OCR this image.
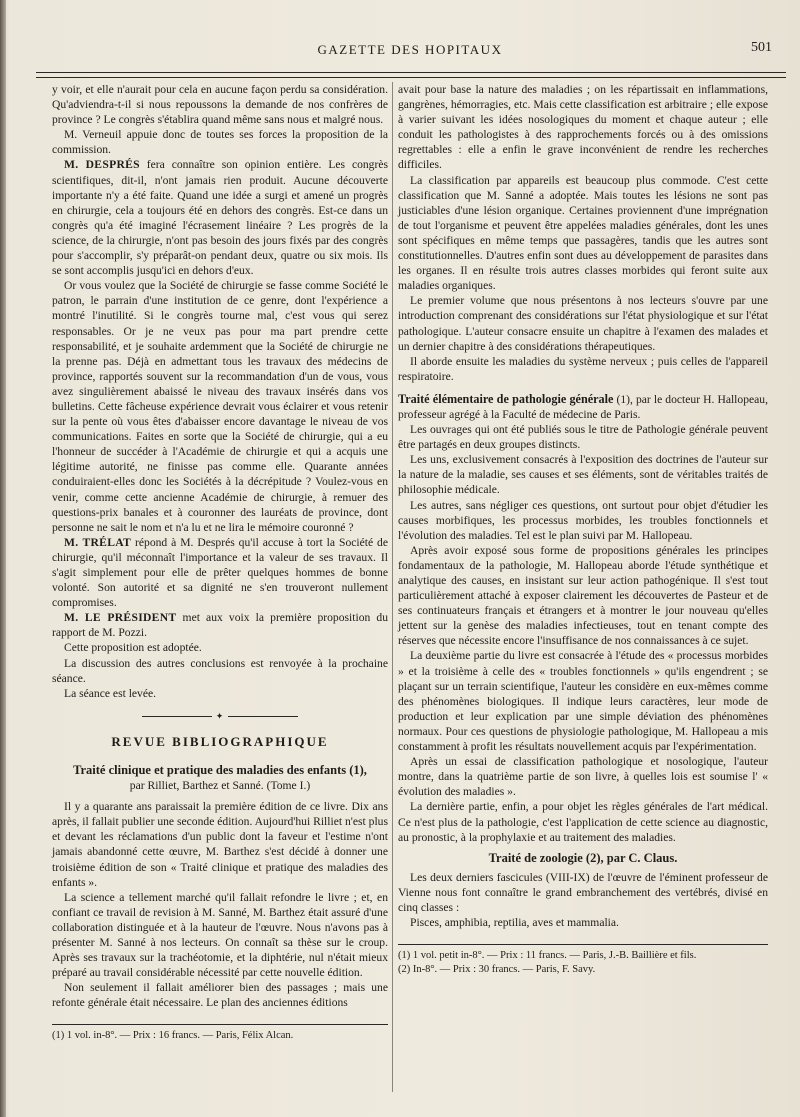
GAZETTE DES HOPITAUX	501

y voir, et elle n'aurait pour cela en aucune façon perdu sa considération. Qu'adviendra-t-il si nous repoussons la demande de nos confrères de province ? Le congrès s'établira quand même sans nous et malgré nous.

M. Verneuil appuie donc de toutes ses forces la proposition de la commission.

M. DESPRÉS fera connaître son opinion entière. Les congrès scientifiques, dit-il, n'ont jamais rien produit. Aucune découverte importante n'y a été faite. Quand une idée a surgi et amené un progrès en chirurgie, cela a toujours été en dehors des congrès. Est-ce dans un congrès qu'a été imaginé l'écrasement linéaire ? Les progrès de la science, de la chirurgie, n'ont pas besoin des jours fixés par des congrès pour s'accomplir, s'y préparât-on pendant deux, quatre ou six mois. Ils se sont accomplis jusqu'ici en dehors d'eux.

Or vous voulez que la Société de chirurgie se fasse comme Société le patron, le parrain d'une institution de ce genre, dont l'expérience a montré l'inutilité. Si le congrès tourne mal, c'est vous qui serez responsables. Or je ne veux pas pour ma part prendre cette responsabilité, et je souhaite ardemment que la Société de chirurgie ne la prenne pas. Déjà en admettant tous les travaux des médecins de province, rapportés souvent sur la recommandation d'un de vous, vous avez singulièrement abaissé le niveau des travaux insérés dans vos bulletins. Cette fâcheuse expérience devrait vous éclairer et vous retenir sur la pente où vous êtes d'abaisser encore davantage le niveau de vos communications. Faites en sorte que la Société de chirurgie, qui a eu l'honneur de succéder à l'Académie de chirurgie et qui a acquis une légitime autorité, ne finisse pas comme elle. Quarante années conduiraient-elles donc les Sociétés à la décrépitude ? Voulez-vous en venir, comme cette ancienne Académie de chirurgie, à remuer des questions-prix banales et à couronner des lauréats de province, dont personne ne sait le nom et n'a lu et ne lira le mémoire couronné ?

M. TRÉLAT répond à M. Després qu'il accuse à tort la Société de chirurgie, qu'il méconnaît l'importance et la valeur de ses travaux. Il s'agit simplement pour elle de prêter quelques hommes de bonne volonté. Son autorité et sa dignité ne s'en trouveront nullement compromises.

M. LE PRÉSIDENT met aux voix la première proposition du rapport de M. Pozzi.

Cette proposition est adoptée.

La discussion des autres conclusions est renvoyée à la prochaine séance.

La séance est levée.

✦
REVUE BIBLIOGRAPHIQUE
Traité clinique et pratique des maladies des enfants (1),
par Rilliet, Barthez et Sanné. (Tome I.)

Il y a quarante ans paraissait la première édition de ce livre. Dix ans après, il fallait publier une seconde édition. Aujourd'hui Rilliet n'est plus et devant les réclamations d'un public dont la faveur et l'estime n'ont jamais abandonné cette œuvre, M. Barthez s'est décidé à donner une troisième édition de son « Traité clinique et pratique des maladies des enfants ».

La science a tellement marché qu'il fallait refondre le livre ; et, en confiant ce travail de revision à M. Sanné, M. Barthez était assuré d'une collaboration distinguée et à la hauteur de l'œuvre. Nous n'avons pas à présenter M. Sanné à nos lecteurs. On connaît sa thèse sur le croup. Après ses travaux sur la trachéotomie, et la diphtérie, nul n'était mieux préparé au travail considérable nécessité par cette nouvelle édition.

Non seulement il fallait améliorer bien des passages ; mais une refonte générale était nécessaire. Le plan des anciennes éditions

(1) 1 vol. in-8°. — Prix : 16 francs. — Paris, Félix Alcan.

avait pour base la nature des maladies ; on les répartissait en inflammations, gangrènes, hémorragies, etc. Mais cette classification est arbitraire ; elle expose à varier suivant les idées nosologiques du moment et chaque auteur ; elle conduit les pathologistes à des rapprochements forcés ou à des omissions regrettables : elle a enfin le grave inconvénient de rendre les recherches difficiles.

La classification par appareils est beaucoup plus commode. C'est cette classification que M. Sanné a adoptée. Mais toutes les lésions ne sont pas justiciables d'une lésion organique. Certaines proviennent d'une imprégnation de tout l'organisme et peuvent être appelées maladies générales, dont les unes sont spécifiques en même temps que passagères, tandis que les autres sont constitutionnelles. D'autres enfin sont dues au développement de parasites dans les organes. Il en résulte trois autres classes morbides qui feront suite aux maladies organiques.

Le premier volume que nous présentons à nos lecteurs s'ouvre par une introduction comprenant des considérations sur l'état physiologique et sur l'état pathologique. L'auteur consacre ensuite un chapitre à l'examen des malades et un dernier chapitre à des considérations thérapeutiques.

Il aborde ensuite les maladies du système nerveux ; puis celles de l'appareil respiratoire.

Traité élémentaire de pathologie générale (1), par le docteur H. Hallopeau, professeur agrégé à la Faculté de médecine de Paris.

Les ouvrages qui ont été publiés sous le titre de Pathologie générale peuvent être partagés en deux groupes distincts.

Les uns, exclusivement consacrés à l'exposition des doctrines de l'auteur sur la nature de la maladie, ses causes et ses éléments, sont de véritables traités de philosophie médicale.

Les autres, sans négliger ces questions, ont surtout pour objet d'étudier les causes morbifiques, les processus morbides, les troubles fonctionnels et l'évolution des maladies. Tel est le plan suivi par M. Hallopeau.

Après avoir exposé sous forme de propositions générales les principes fondamentaux de la pathologie, M. Hallopeau aborde l'étude synthétique et analytique des causes, en insistant sur leur action pathogénique. Il s'est tout particulièrement attaché à exposer clairement les découvertes de Pasteur et de ses continuateurs français et étrangers et à montrer le jour nouveau qu'elles jettent sur la genèse des maladies infectieuses, tout en tenant compte des réserves que nécessite encore l'insuffisance de nos connaissances à ce sujet.

La deuxième partie du livre est consacrée à l'étude des « processus morbides » et la troisième à celle des « troubles fonctionnels » qu'ils engendrent ; se plaçant sur un terrain scientifique, l'auteur les considère en eux-mêmes comme des phénomènes biologiques. Il indique leurs caractères, leur mode de production et leur explication par une simple déviation des phénomènes normaux. Pour ces questions de physiologie pathologique, M. Hallopeau a mis constamment à profit les résultats nouvellement acquis par l'expérimentation.

Après un essai de classification pathologique et nosologique, l'auteur montre, dans la quatrième partie de son livre, à quelles lois est soumise l' « évolution des maladies ».

La dernière partie, enfin, a pour objet les règles générales de l'art médical. Ce n'est plus de la pathologie, c'est l'application de cette science au diagnostic, au pronostic, à la prophylaxie et au traitement des maladies.

Traité de zoologie (2), par C. Claus.

Les deux derniers fascicules (VIII-IX) de l'œuvre de l'éminent professeur de Vienne nous font connaître le grand embranchement des vertébrés, divisé en cinq classes :

Pisces, amphibia, reptilia, aves et mammalia.

(1) 1 vol. petit in-8°. — Prix : 11 francs. — Paris, J.-B. Baillière et fils.

(2) In-8°. — Prix : 30 francs. — Paris, F. Savy.
